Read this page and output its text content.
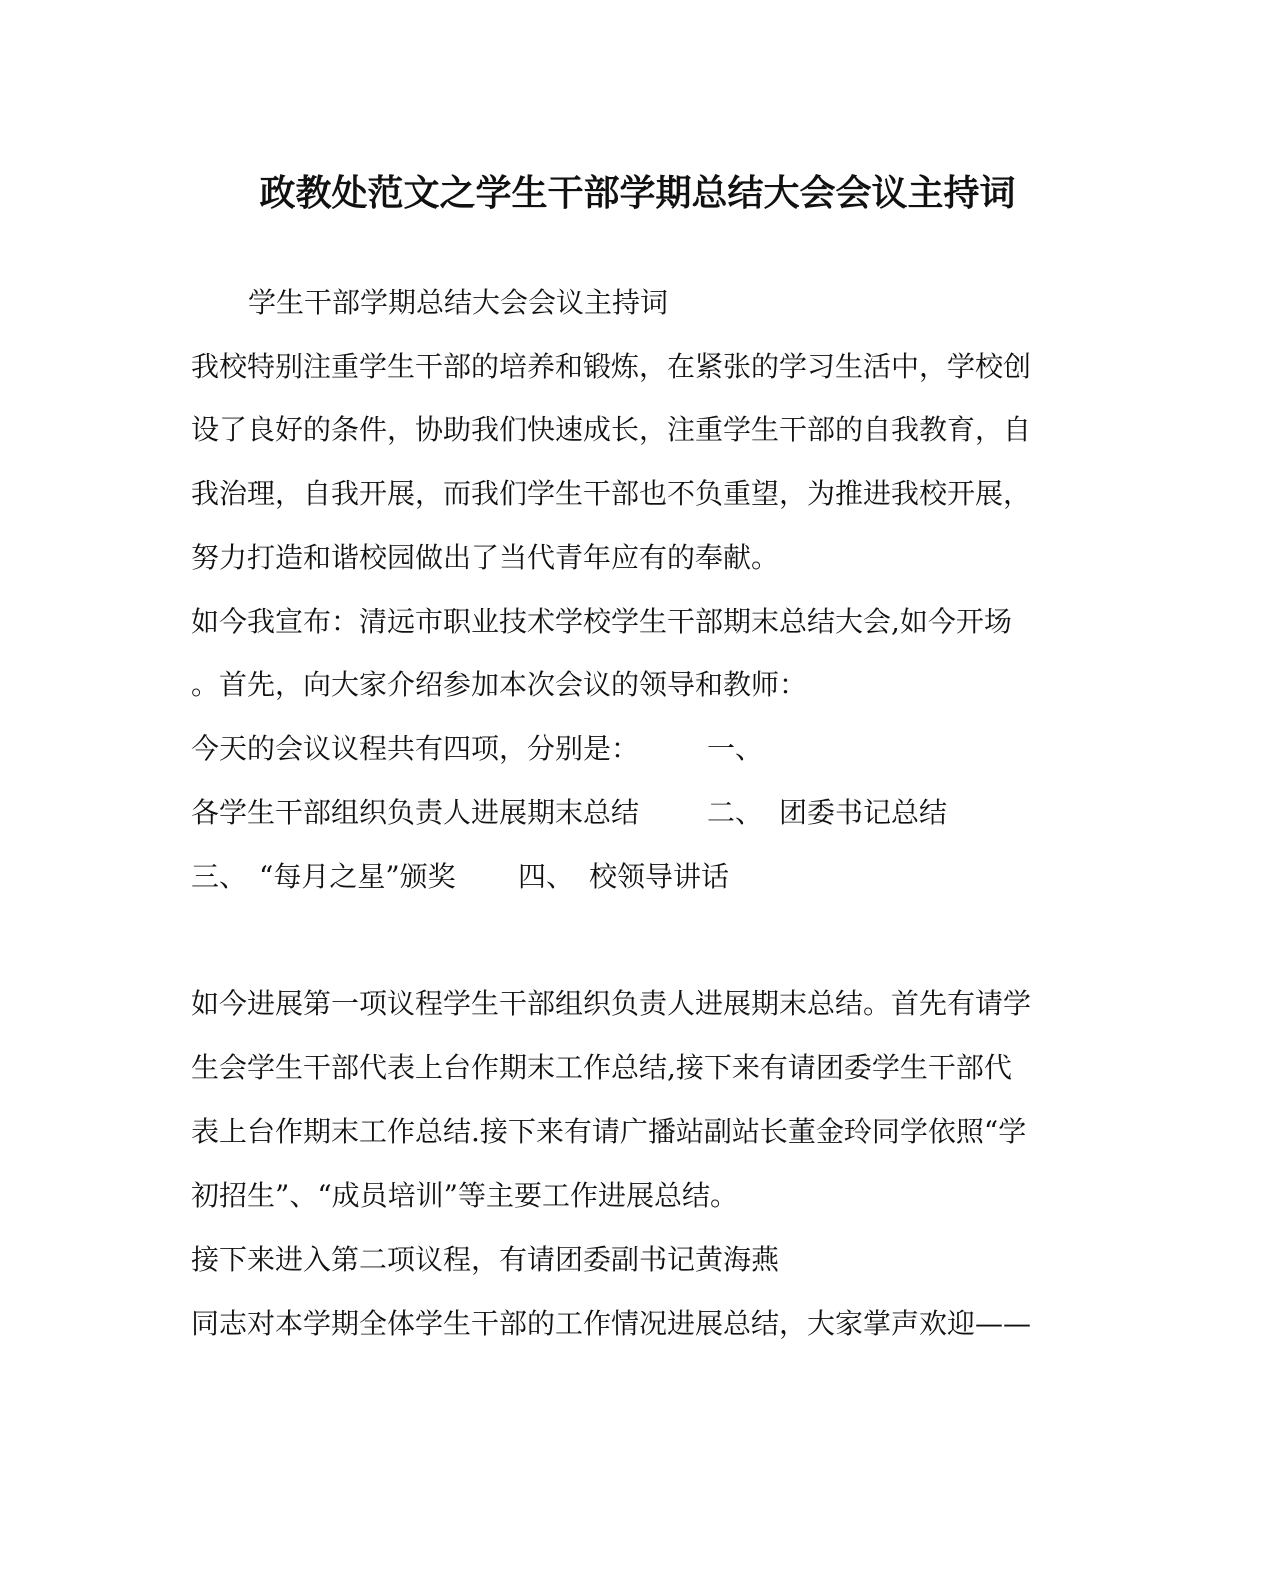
政教处范文之学生干部学期总结大会会议主持词
学生干部学期总结大会会议主持词
我校特别注重学生干部的培养和锻炼，在紧张的学习生活中，学校创
设了良好的条件，协助我们快速成长，注重学生干部的自我教育，自
我治理，自我开展，而我们学生干部也不负重望，为推进我校开展，
努力打造和谐校园做出了当代青年应有的奉献。
如今我宣布：清远市职业技术学校学生干部期末总结大会,如今开场
。首先，向大家介绍参加本次会议的领导和教师：
今天的会议议程共有四项，分别是： 一、
各学生干部组织负责人进展期末总结 二、 团委书记总结
三、 “每月之星”颁奖 四、 校领导讲话
如今进展第一项议程学生干部组织负责人进展期末总结。首先有请学
生会学生干部代表上台作期末工作总结,接下来有请团委学生干部代
表上台作期末工作总结.接下来有请广播站副站长董金玲同学依照“学
初招生”、“成员培训”等主要工作进展总结。
接下来进入第二项议程，有请团委副书记黄海燕
同志对本学期全体学生干部的工作情况进展总结，大家掌声欢迎——
